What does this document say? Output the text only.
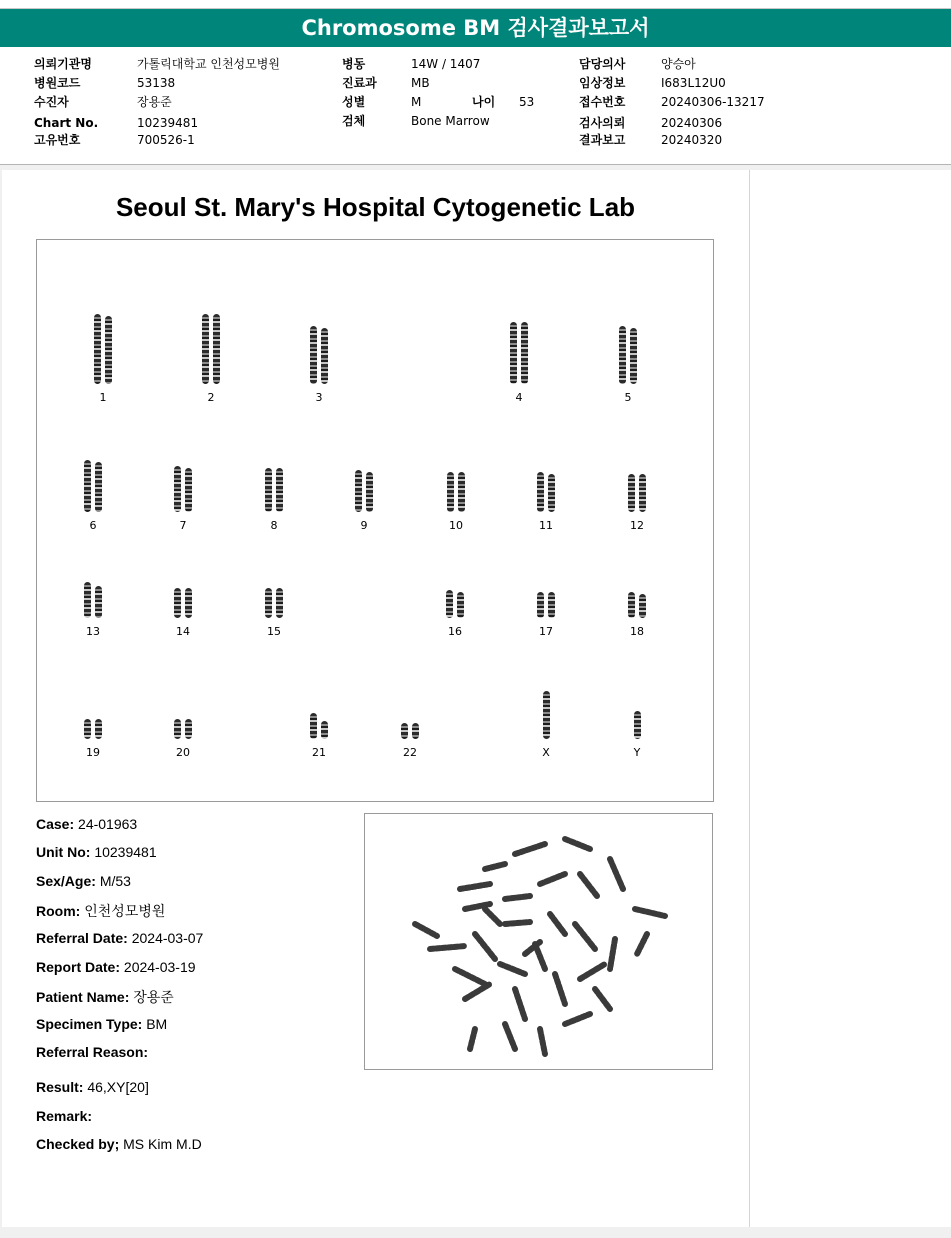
Chromosome BM 검사결과보고서
의뢰기관명	가톨릭대학교 인천성모병원
병원코드	53138
수진자	장용준
Chart No.	10239481
고유번호	700526-1
병동	14W / 1407
진료과	MB
성별	M	나이 53
검체	Bone Marrow
담당의사	양승아
임상정보	I683L12U0
접수번호	20240306-13217
검사의뢰	20240306
결과보고	20240320
Seoul St. Mary's Hospital Cytogenetic Lab
1	2	3	4	5
6	7	8	9	10	11	12
13	14	15	16	17	18
19	20	21	22	X	Y
Case: 24-01963
Unit No: 10239481
Sex/Age: M/53
Room: 인천성모병원
Referral Date: 2024-03-07
Report Date: 2024-03-19
Patient Name: 장용준
Specimen Type: BM
Referral Reason:
Result: 46,XY[20]
Remark:
Checked by; MS Kim M.D
